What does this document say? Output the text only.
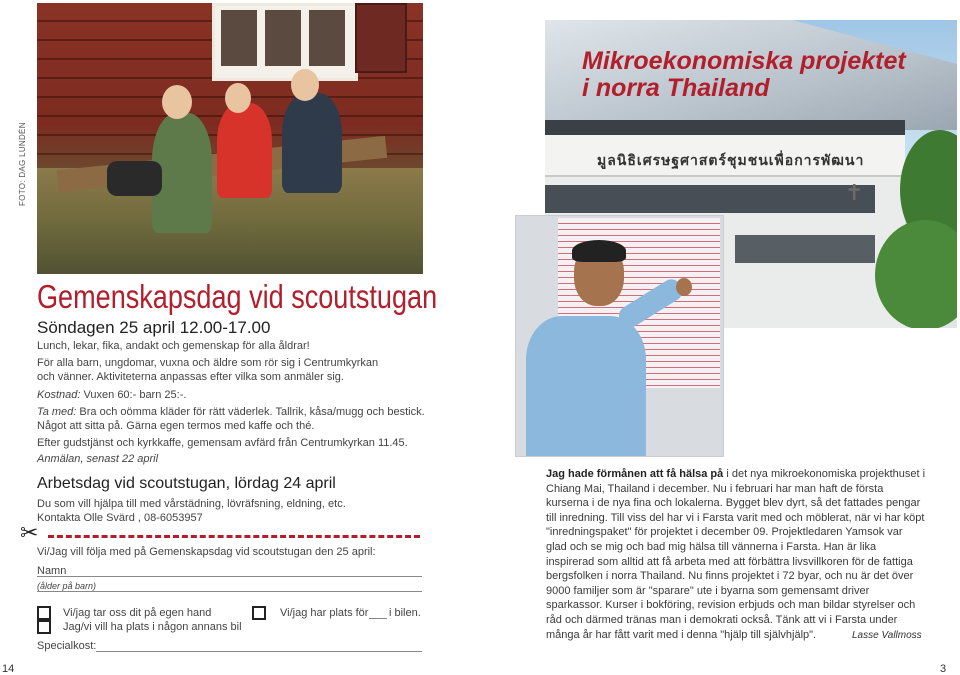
FOTO: DAG LUNDÉN
Gemenskapsdag vid scoutstugan
Söndagen 25 april 12.00-17.00
Lunch, lekar, fika, andakt och gemenskap för alla åldrar!
För alla barn, ungdomar, vuxna och äldre som rör sig i Centrumkyrkan
och vänner. Aktiviteterna anpassas efter vilka som anmäler sig.
Kostnad: Vuxen 60:- barn 25:-.
Ta med: Bra och oömma kläder för rätt väderlek. Tallrik, kåsa/mugg och bestick.
Något att sitta på. Gärna egen termos med kaffe och thé.
Efter gudstjänst och kyrkkaffe, gemensam avfärd från Centrumkyrkan 11.45.
Anmälan, senast 22 april
Arbetsdag vid scoutstugan, lördag 24 april
Du som vill hjälpa till med vårstädning, lövräfsning, eldning, etc.
Kontakta Olle Svärd , 08-6053957
✂
Vi/Jag vill följa med på Gemenskapsdag vid scoutstugan den 25 april:
Namn
(ålder på barn)
Vi/jag tar oss dit på egen hand	Vi/jag har plats för i bilen.
Jag/vi vill ha plats i någon annans bil
Specialkost:
14
มูลนิธิเศรษฐศาสตร์ชุมชนเพื่อการพัฒนา
✝
Mikroekonomiska projektet
i norra Thailand
Jag hade förmånen att få hälsa på i det nya mikroekonomiska projekthuset i Chiang Mai, Thailand i december. Nu i februari har man haft de första kurserna i de nya fina och lokalerna. Bygget blev dyrt, så det fattades pengar till inredning. Till viss del har vi i Farsta varit med och möblerat, när vi har köpt "inredningspaket" för projektet i december 09. Projektledaren Yamsok var glad och se mig och bad mig hälsa till vännerna i Farsta. Han är lika inspirerad som alltid att få arbeta med att förbättra livsvillkoren för de fattiga bergsfolken i norra Thailand. Nu finns projektet i 72 byar, och nu är det över 9000 familjer som är "sparare" ute i byarna som gemensamt driver sparkassor. Kurser i bokföring, revision erbjuds och man bildar styrelser och råd och därmed tränas man i demokrati också. Tänk att vi i Farsta under många år har fått varit med i denna "hjälp till självhjälp".	Lasse Vallmoss
3
